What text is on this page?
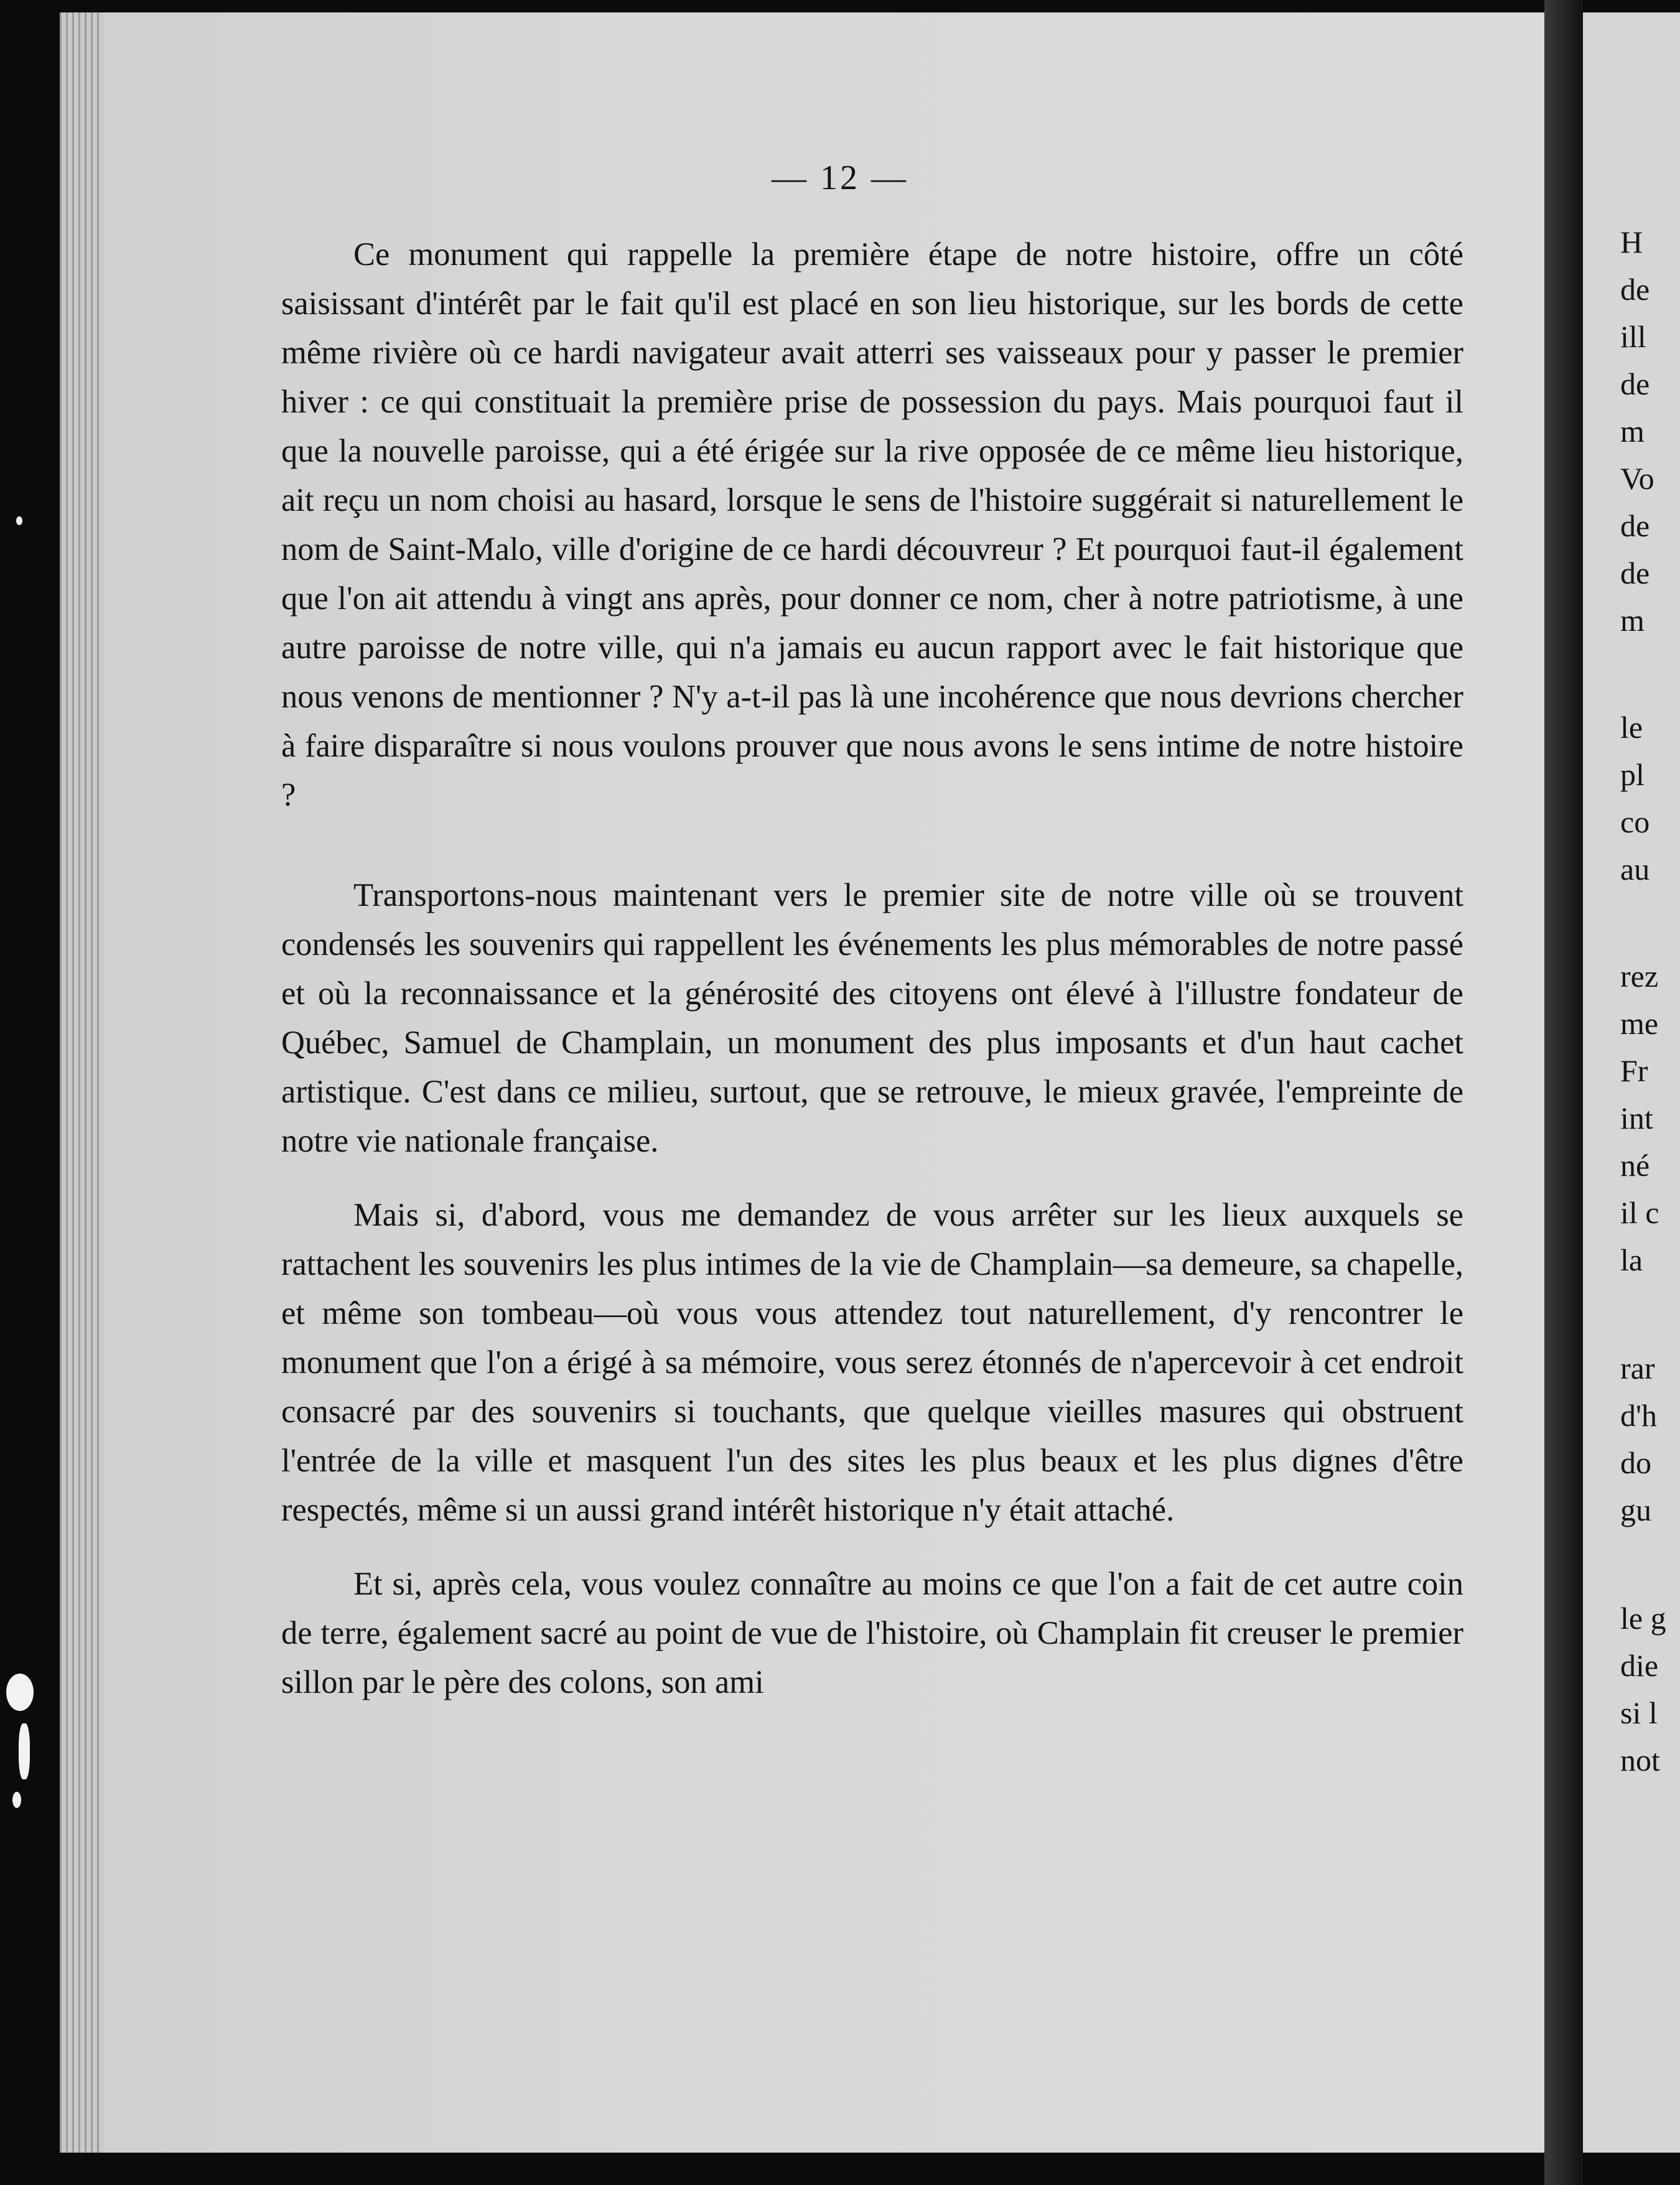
— 12 —

Ce monument qui rappelle la première étape de notre histoire, offre un côté saisissant d'intérêt par le fait qu'il est placé en son lieu historique, sur les bords de cette même rivière où ce hardi navigateur avait atterri ses vaisseaux pour y passer le premier hiver : ce qui constituait la première prise de possession du pays. Mais pourquoi faut il que la nouvelle paroisse, qui a été érigée sur la rive opposée de ce même lieu historique, ait reçu un nom choisi au hasard, lorsque le sens de l'histoire suggérait si naturellement le nom de Saint-Malo, ville d'origine de ce hardi découvreur ? Et pourquoi faut-il également que l'on ait attendu à vingt ans après, pour donner ce nom, cher à notre patriotisme, à une autre paroisse de notre ville, qui n'a jamais eu aucun rapport avec le fait historique que nous venons de mentionner ? N'y a-t-il pas là une incohérence que nous devrions chercher à faire disparaître si nous voulons prouver que nous avons le sens intime de notre histoire ?

Transportons-nous maintenant vers le premier site de notre ville où se trouvent condensés les souvenirs qui rappellent les événements les plus mémorables de notre passé et où la reconnaissance et la générosité des citoyens ont élevé à l'illustre fondateur de Québec, Samuel de Champlain, un monument des plus imposants et d'un haut cachet artistique. C'est dans ce milieu, surtout, que se retrouve, le mieux gravée, l'empreinte de notre vie nationale française.

Mais si, d'abord, vous me demandez de vous arrêter sur les lieux auxquels se rattachent les souvenirs les plus intimes de la vie de Champlain—sa demeure, sa chapelle, et même son tombeau—où vous vous attendez tout naturellement, d'y rencontrer le monument que l'on a érigé à sa mémoire, vous serez étonnés de n'apercevoir à cet endroit consacré par des souvenirs si touchants, que quelque vieilles masures qui obstruent l'entrée de la ville et masquent l'un des sites les plus beaux et les plus dignes d'être respectés, même si un aussi grand intérêt historique n'y était attaché.

Et si, après cela, vous voulez connaître au moins ce que l'on a fait de cet autre coin de terre, également sacré au point de vue de l'histoire, où Champlain fit creuser le premier sillon par le père des colons, son ami

H
de
ill
de
m
Vo
de
de
m
le
pl
co
au
rez
me
Fr
int
né
il c
la
rar
d'h
do
gu
le g
die
si l
not
